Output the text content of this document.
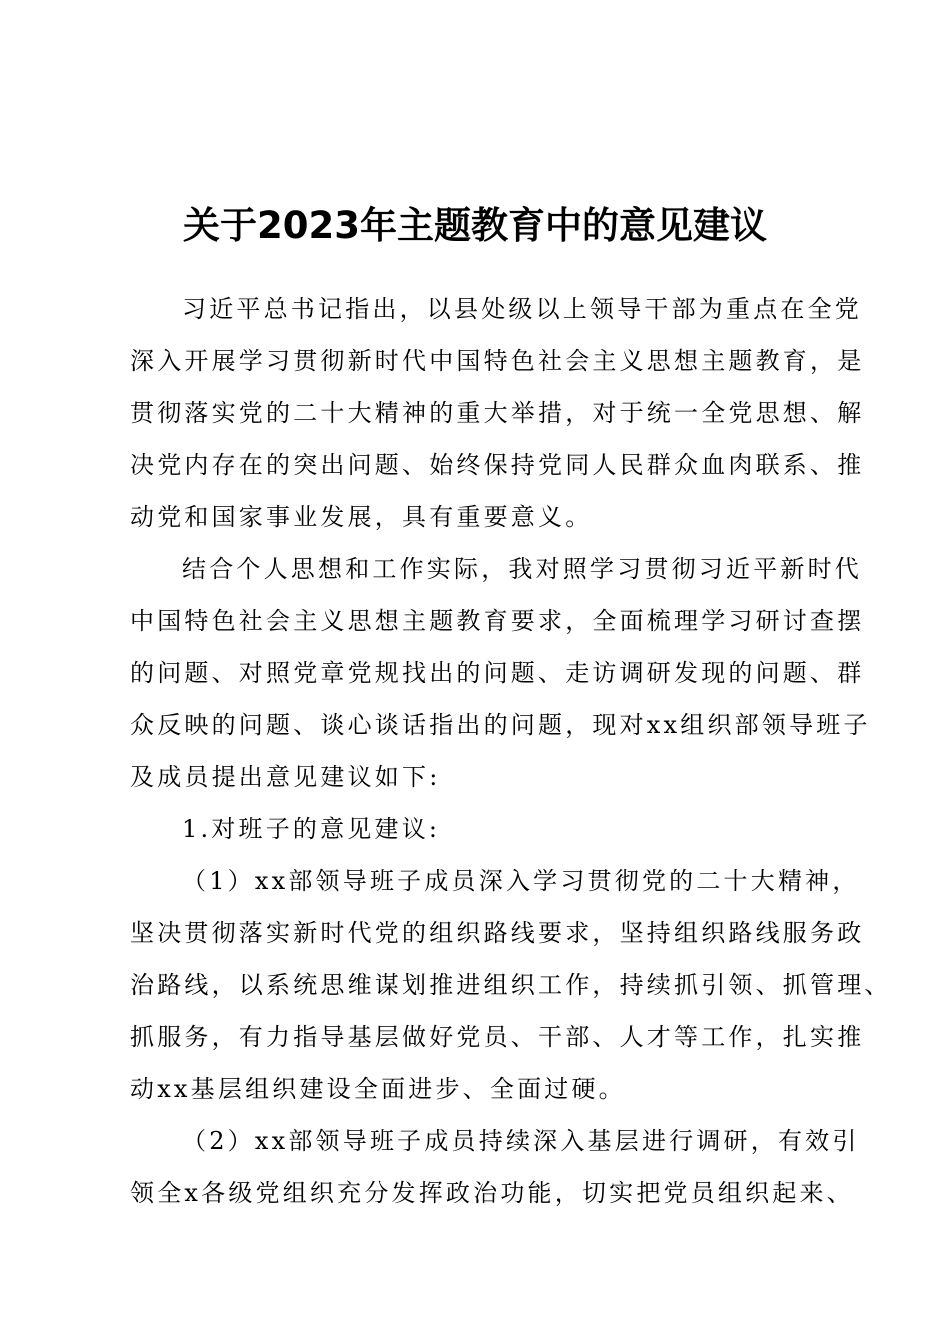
关于2023年主题教育中的意见建议
习近平总书记指出，以县处级以上领导干部为重点在全党
深入开展学习贯彻新时代中国特色社会主义思想主题教育，是
贯彻落实党的二十大精神的重大举措，对于统一全党思想、解
决党内存在的突出问题、始终保持党同人民群众血肉联系、推
动党和国家事业发展，具有重要意义。
结合个人思想和工作实际，我对照学习贯彻习近平新时代
中国特色社会主义思想主题教育要求，全面梳理学习研讨查摆
的问题、对照党章党规找出的问题、走访调研发现的问题、群
众反映的问题、谈心谈话指出的问题，现对xx组织部领导班子
及成员提出意见建议如下:
1.对班子的意见建议:
（1）xx部领导班子成员深入学习贯彻党的二十大精神，
坚决贯彻落实新时代党的组织路线要求，坚持组织路线服务政
治路线，以系统思维谋划推进组织工作，持续抓引领、抓管理、
抓服务，有力指导基层做好党员、干部、人才等工作，扎实推
动xx基层组织建设全面进步、全面过硬。
（2）xx部领导班子成员持续深入基层进行调研，有效引
领全x各级党组织充分发挥政治功能，切实把党员组织起来、
